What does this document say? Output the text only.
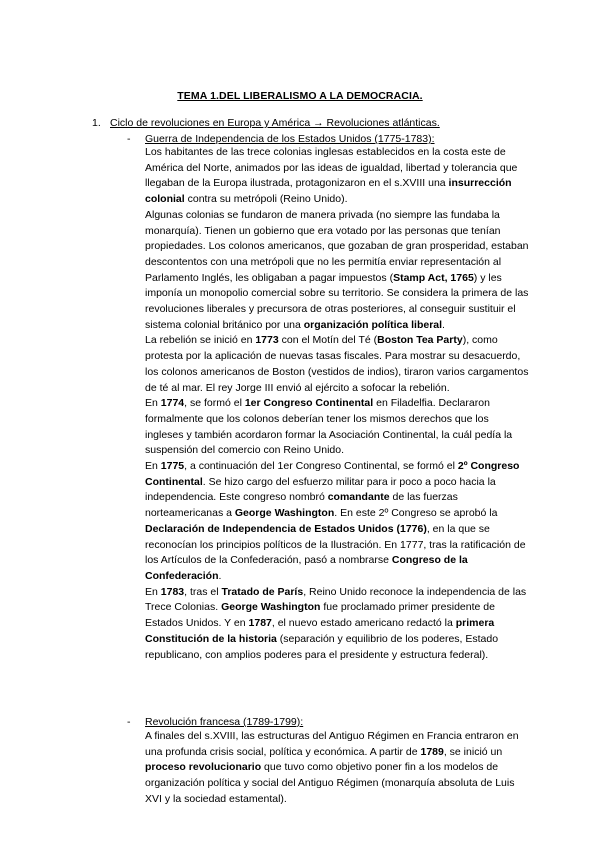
TEMA 1.DEL LIBERALISMO A LA DEMOCRACIA.
1. Ciclo de revoluciones en Europa y América → Revoluciones atlánticas.
- Guerra de Independencia de los Estados Unidos (1775-1783):

Los habitantes de las trece colonias inglesas establecidos en la costa este de América del Norte, animados por las ideas de igualdad, libertad y tolerancia que llegaban de la Europa ilustrada, protagonizaron en el s.XVIII una insurrección colonial contra su metrópoli (Reino Unido).

Algunas colonias se fundaron de manera privada (no siempre las fundaba la monarquía). Tienen un gobierno que era votado por las personas que tenían propiedades. Los colonos americanos, que gozaban de gran prosperidad, estaban descontentos con una metrópoli que no les permitía enviar representación al Parlamento Inglés, les obligaban a pagar impuestos (Stamp Act, 1765) y les imponía un monopolio comercial sobre su territorio. Se considera la primera de las revoluciones liberales y precursora de otras posteriores, al conseguir sustituir el sistema colonial británico por una organización política liberal.

La rebelión se inició en 1773 con el Motín del Té (Boston Tea Party), como protesta por la aplicación de nuevas tasas fiscales. Para mostrar su desacuerdo, los colonos americanos de Boston (vestidos de indios), tiraron varios cargamentos de té al mar. El rey Jorge III envió al ejército a sofocar la rebelión.

En 1774, se formó el 1er Congreso Continental en Filadelfia. Declararon formalmente que los colonos deberían tener los mismos derechos que los ingleses y también acordaron formar la Asociación Continental, la cuál pedía la suspensión del comercio con Reino Unido.

En 1775, a continuación del 1er Congreso Continental, se formó el 2º Congreso Continental. Se hizo cargo del esfuerzo militar para ir poco a poco hacia la independencia. Este congreso nombró comandante de las fuerzas norteamericanas a George Washington. En este 2º Congreso se aprobó la Declaración de Independencia de Estados Unidos (1776), en la que se reconocían los principios políticos de la Ilustración. En 1777, tras la ratificación de los Artículos de la Confederación, pasó a nombrarse Congreso de la Confederación.

En 1783, tras el Tratado de París, Reino Unido reconoce la independencia de las Trece Colonias. George Washington fue proclamado primer presidente de Estados Unidos. Y en 1787, el nuevo estado americano redactó la primera Constitución de la historia (separación y equilibrio de los poderes, Estado republicano, con amplios poderes para el presidente y estructura federal).

- Revolución francesa (1789-1799):

A finales del s.XVIII, las estructuras del Antiguo Régimen en Francia entraron en una profunda crisis social, política y económica. A partir de 1789, se inició un proceso revolucionario que tuvo como objetivo poner fin a los modelos de organización política y social del Antiguo Régimen (monarquía absoluta de Luis XVI y la sociedad estamental).
